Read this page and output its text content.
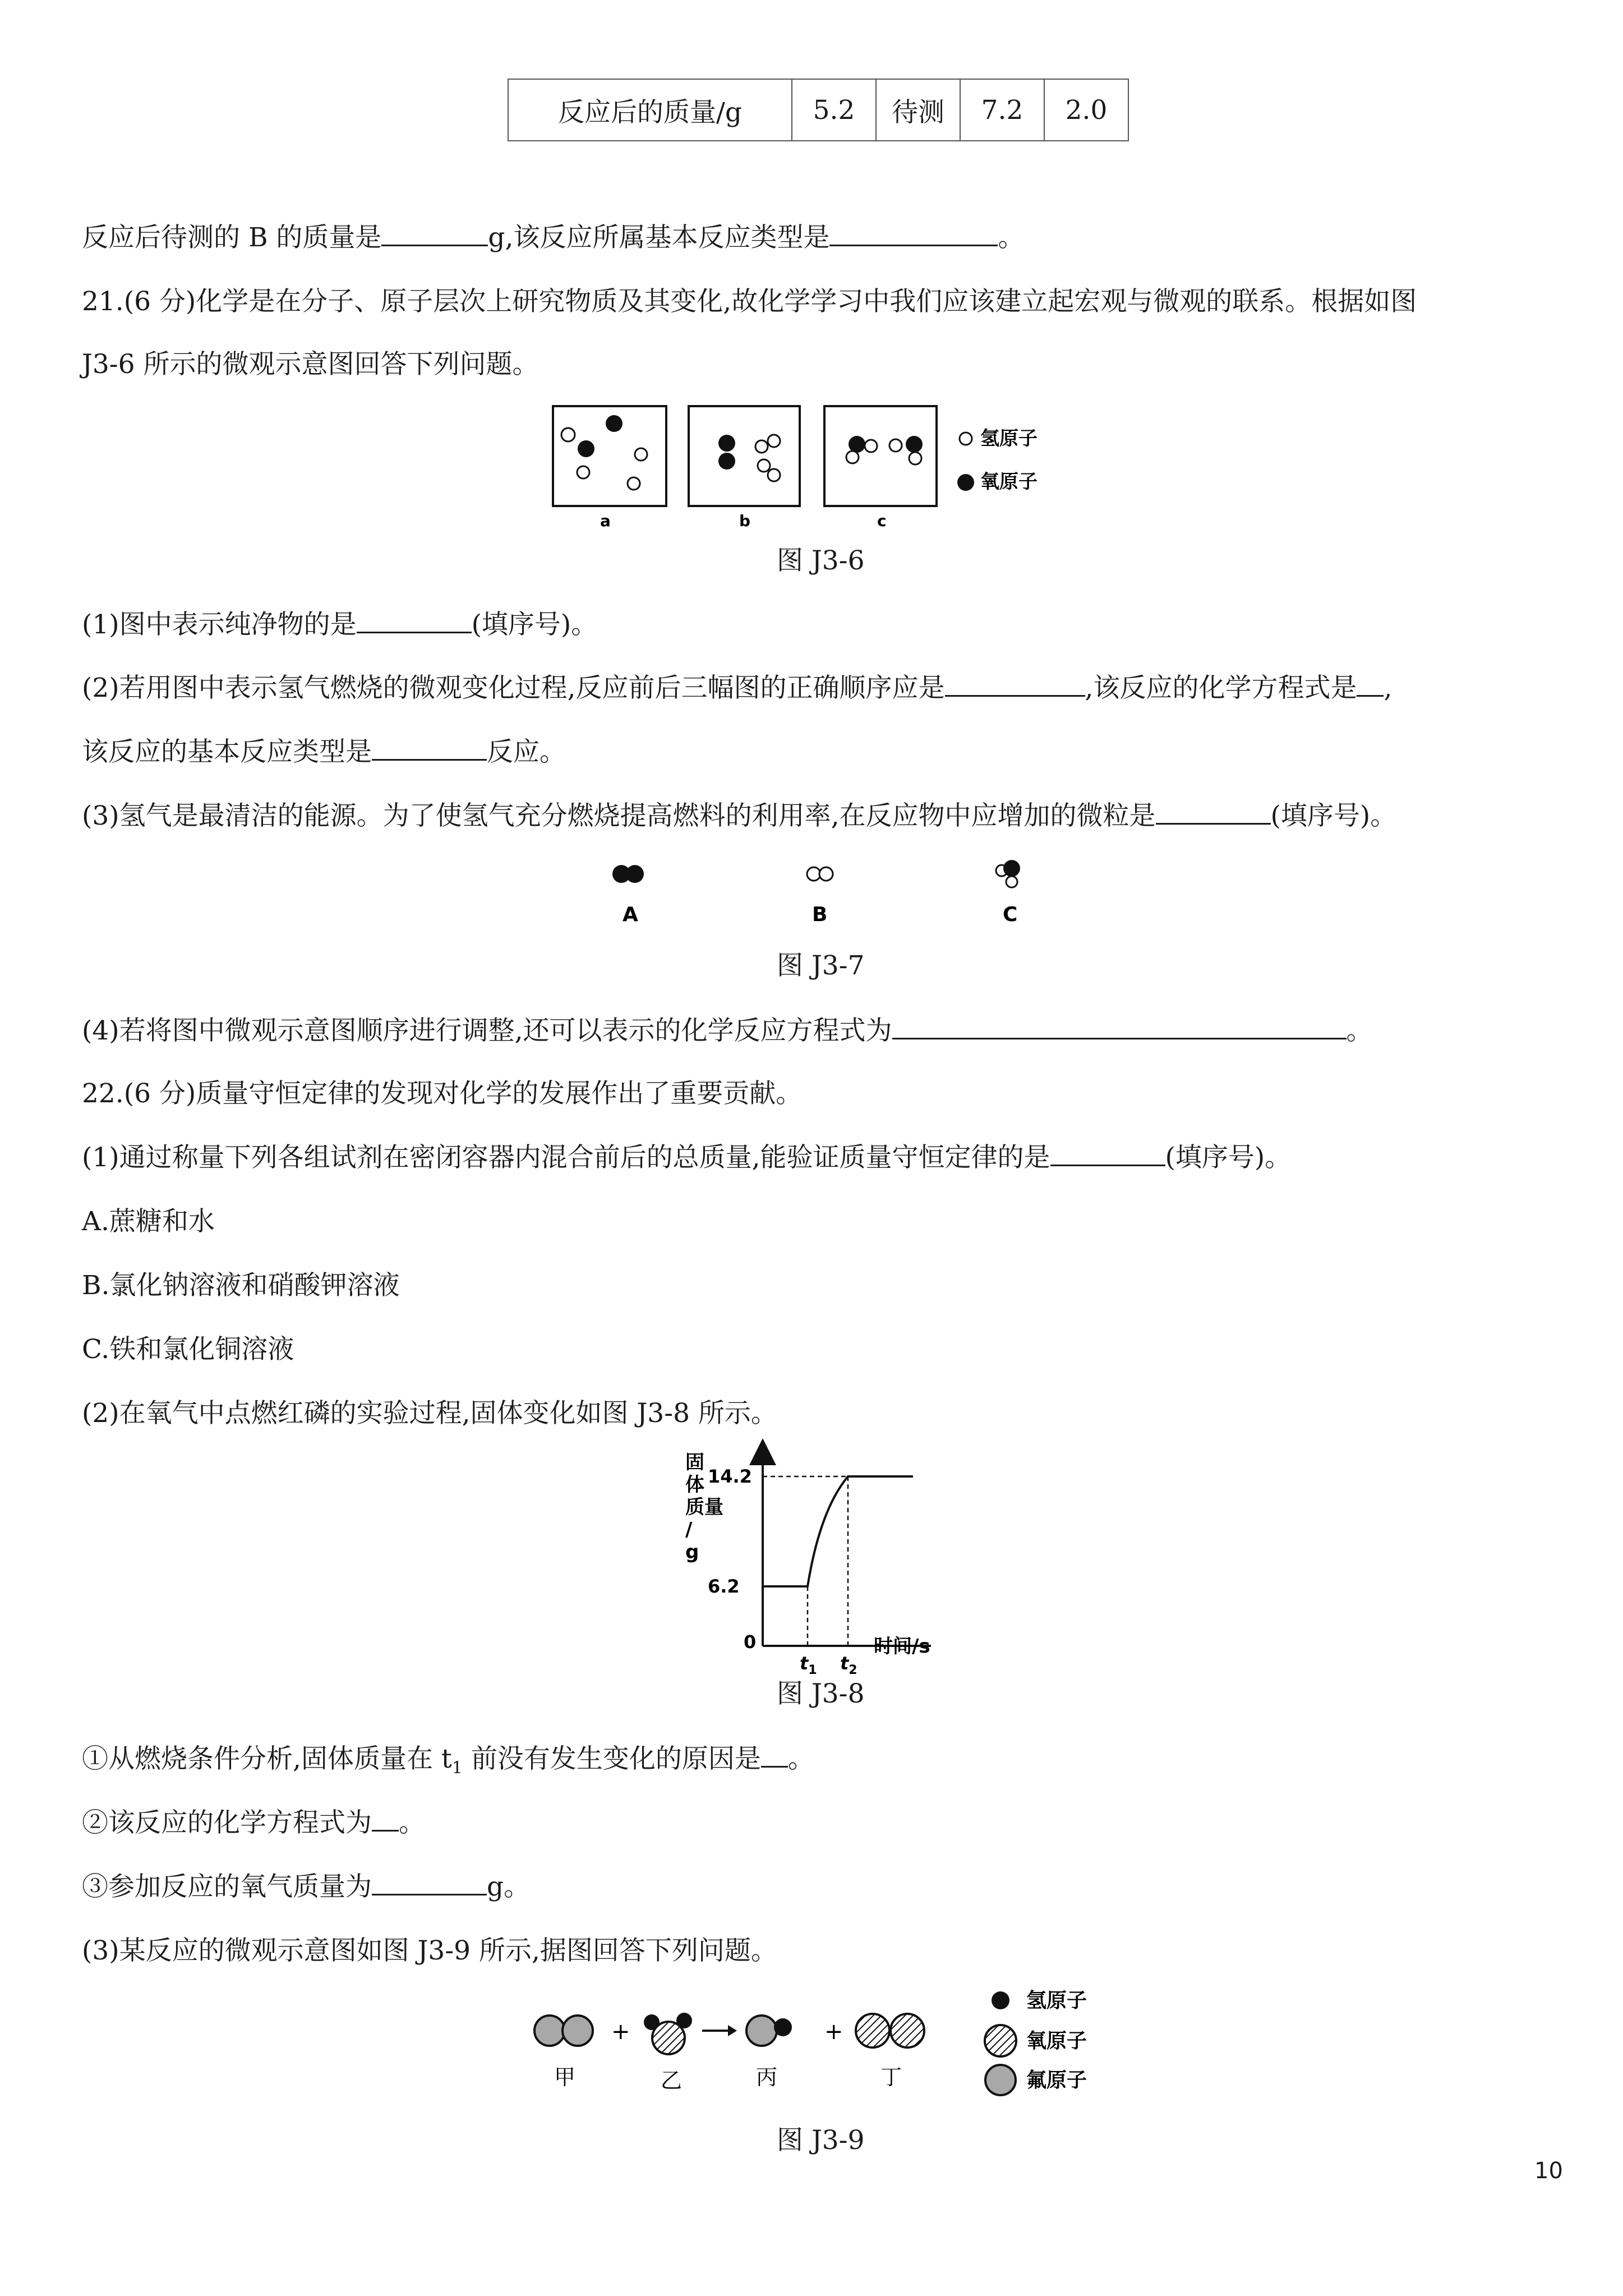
反应后的质量/g	5.2	待测	7.2	2.0
反应后待测的 B 的质量是	g,该反应所属基本反应类型是	。
21.(6 分)化学是在分子、原子层次上研究物质及其变化,故化学学习中我们应该建立起宏观与微观的联系。根据如图
J3-6 所示的微观示意图回答下列问题。
a	b	c
氢原子
氧原子
图 J3-6
(1)图中表示纯净物的是	(填序号)。
(2)若用图中表示氢气燃烧的微观变化过程,反应前后三幅图的正确顺序应是	,该反应的化学方程式是 ,
该反应的基本反应类型是	反应。
(3)氢气是最清洁的能源。为了使氢气充分燃烧提高燃料的利用率,在反应物中应增加的微粒是	(填序号)。
A	B	C
图 J3-7
(4)若将图中微观示意图顺序进行调整,还可以表示的化学反应方程式为	。
22.(6 分)质量守恒定律的发现对化学的发展作出了重要贡献。
(1)通过称量下列各组试剂在密闭容器内混合前后的总质量,能验证质量守恒定律的是	(填序号)。
A.蔗糖和水
B.氯化钠溶液和硝酸钾溶液
C.铁和氯化铜溶液
(2)在氧气中点燃红磷的实验过程,固体变化如图 J3-8 所示。
固体质量/ g
时间/s
0
6.2
14.2
$t_1$ $t_2$
图 J3-8
①从燃烧条件分析,固体质量在 $t_1$ 前没有发生变化的原因是 。
②该反应的化学方程式为 。
③参加反应的氧气质量为	g。
(3)某反应的微观示意图如图 J3-9 所示,据图回答下列问题。
甲
+
乙	丙
+
丁
氢原子
氧原子
氟原子
图 J3-9
10
